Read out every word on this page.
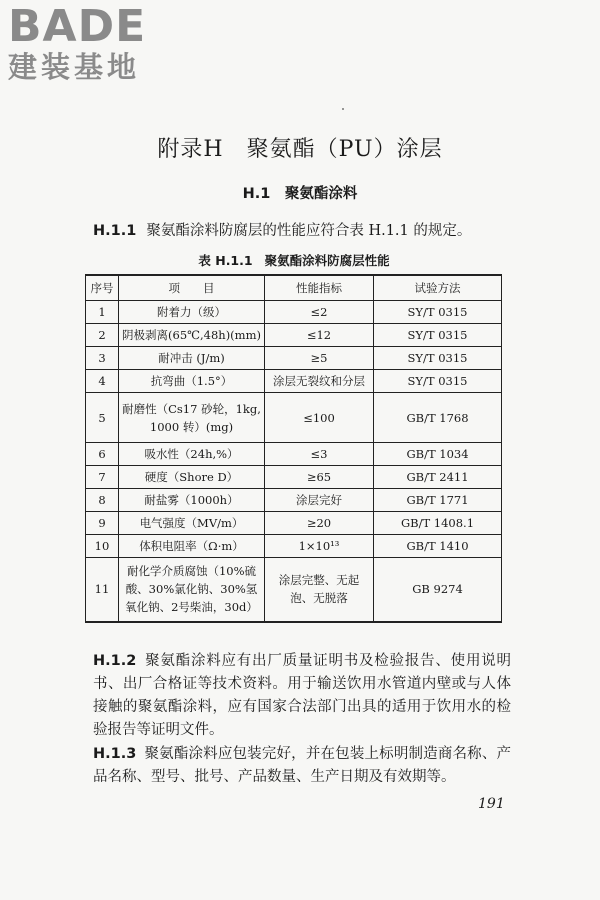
BADE
建装基地
附录H　聚氨酯（PU）涂层
H.1　聚氨酯涂料
H.1.1 聚氨酯涂料防腐层的性能应符合表 H.1.1 的规定。
表 H.1.1 聚氨酯涂料防腐层性能
序号	项　　目	性能指标	试验方法
1	附着力（级）	≤2	SY/T 0315
2	阴极剥离(65℃,48h)(mm)	≤12	SY/T 0315
3	耐冲击 (J/m)	≥5	SY/T 0315
4	抗弯曲（1.5°）	涂层无裂纹和分层	SY/T 0315
5	耐磨性（Cs17 砂轮，1kg, 1000 转）(mg)	≤100	GB/T 1768
6	吸水性（24h,%）	≤3	GB/T 1034
7	硬度（Shore D）	≥65	GB/T 2411
8	耐盐雾（1000h）	涂层完好	GB/T 1771
9	电气强度（MV/m）	≥20	GB/T 1408.1
10	体积电阻率（Ω·m）	1×10¹³	GB/T 1410
11	耐化学介质腐蚀（10%硫酸、30%氯化钠、30%氢氧化钠、2号柴油，30d）	涂层完整、无起泡、无脱落	GB 9274
H.1.2 聚氨酯涂料应有出厂质量证明书及检验报告、使用说明书、出厂合格证等技术资料。用于输送饮用水管道内壁或与人体接触的聚氨酯涂料，应有国家合法部门出具的适用于饮用水的检验报告等证明文件。
H.1.3 聚氨酯涂料应包装完好，并在包装上标明制造商名称、产品名称、型号、批号、产品数量、生产日期及有效期等。
191
